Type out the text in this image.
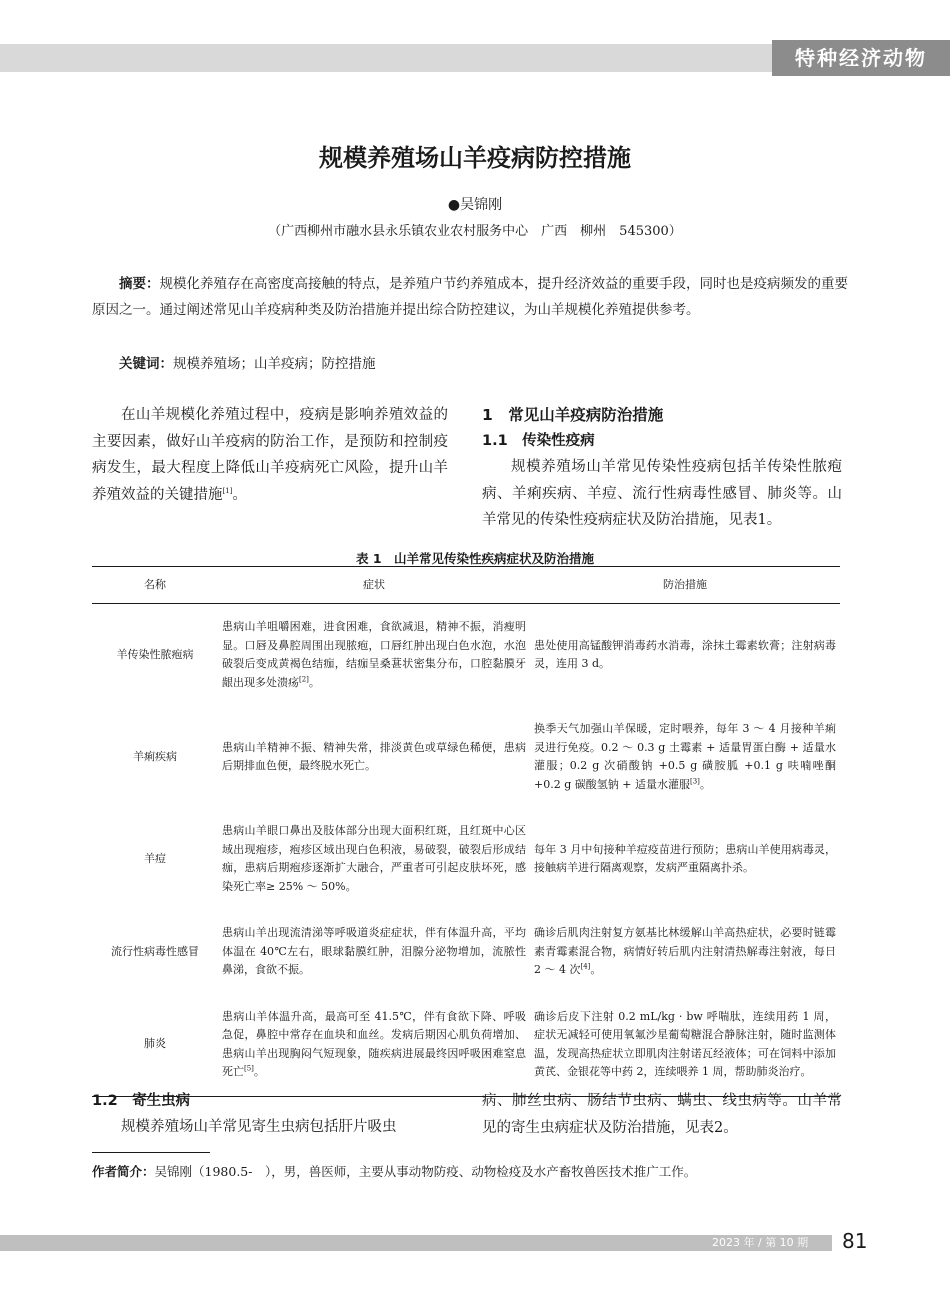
特种经济动物
规模养殖场山羊疫病防控措施
●吴锦刚
（广西柳州市融水县永乐镇农业农村服务中心　广西　柳州　545300）
摘要：规模化养殖存在高密度高接触的特点，是养殖户节约养殖成本，提升经济效益的重要手段，同时也是疫病频发的重要原因之一。通过阐述常见山羊疫病种类及防治措施并提出综合防控建议，为山羊规模化养殖提供参考。
关键词：规模养殖场；山羊疫病；防控措施

在山羊规模化养殖过程中，疫病是影响养殖效益的主要因素，做好山羊疫病的防治工作，是预防和控制疫病发生，最大程度上降低山羊疫病死亡风险，提升山羊养殖效益的关键措施[1]。

1　常见山羊疫病防治措施

1.1　传染性疫病

规模养殖场山羊常见传染性疫病包括羊传染性脓疱病、羊痢疾病、羊痘、流行性病毒性感冒、肺炎等。山羊常见的传染性疫病症状及防治措施，见表1。

表 1　山羊常见传染性疾病症状及防治措施
名称	症状	防治措施
羊传染性脓疱病	患病山羊咀嚼困难，进食困难，食欲减退，精神不振，消瘦明显。口唇及鼻腔周围出现脓疱，口唇红肿出现白色水泡，水泡破裂后变成黄褐色结痂，结痂呈桑葚状密集分布，口腔黏膜牙龈出现多处溃疡[2]。	患处使用高锰酸钾消毒药水消毒，涂抹土霉素软膏；注射病毒灵，连用 3 d。
羊痢疾病	患病山羊精神不振、精神失常，排淡黄色或草绿色稀便，患病后期排血色便，最终脱水死亡。	换季天气加强山羊保暖，定时喂养，每年 3 ～ 4 月接种羊痢灵进行免疫。0.2 ～ 0.3 g 土霉素 + 适量胃蛋白酶 + 适量水灌服；0.2 g 次硝酸钠 +0.5 g 磺胺胍 +0.1 g 呋喃唑酮 +0.2 g 碳酸氢钠 + 适量水灌服[3]。
羊痘	患病山羊眼口鼻出及肢体部分出现大面积红斑，且红斑中心区域出现疱疹，疱疹区域出现白色积液，易破裂，破裂后形成结痂，患病后期疱疹逐渐扩大融合，严重者可引起皮肤坏死，感染死亡率≥ 25% ～ 50%。	每年 3 月中旬接种羊痘疫苗进行预防；患病山羊使用病毒灵，接触病羊进行隔离观察，发病严重隔离扑杀。
流行性病毒性感冒	患病山羊出现流清涕等呼吸道炎症症状，伴有体温升高，平均体温在 40℃左右，眼球黏膜红肿，泪腺分泌物增加，流脓性鼻涕，食欲不振。	确诊后肌肉注射复方氨基比林缓解山羊高热症状，必要时链霉素青霉素混合物，病情好转后肌内注射清热解毒注射液，每日 2 ～ 4 次[4]。
肺炎	患病山羊体温升高，最高可至 41.5℃，伴有食欲下降、呼吸急促，鼻腔中常存在血块和血丝。发病后期因心肌负荷增加、患病山羊出现胸闷气短现象，随疾病进展最终因呼吸困难窒息死亡[5]。	确诊后皮下注射 0.2 mL/kg · bw 呼喘肽，连续用药 1 周，症状无减轻可使用氧氟沙星葡萄糖混合静脉注射，随时监测体温，发现高热症状立即肌肉注射诺瓦经液体；可在饲料中添加黄芪、金银花等中药 2，连续喂养 1 周，帮助肺炎治疗。

1.2　寄生虫病

规模养殖场山羊常见寄生虫病包括肝片吸虫

病、肺丝虫病、肠结节虫病、螨虫、线虫病等。山羊常见的寄生虫病症状及防治措施，见表2。

作者简介：吴锦刚（1980.5-　），男，兽医师，主要从事动物防疫、动物检疫及水产畜牧兽医技术推广工作。
2023 年 / 第 10 期 81
